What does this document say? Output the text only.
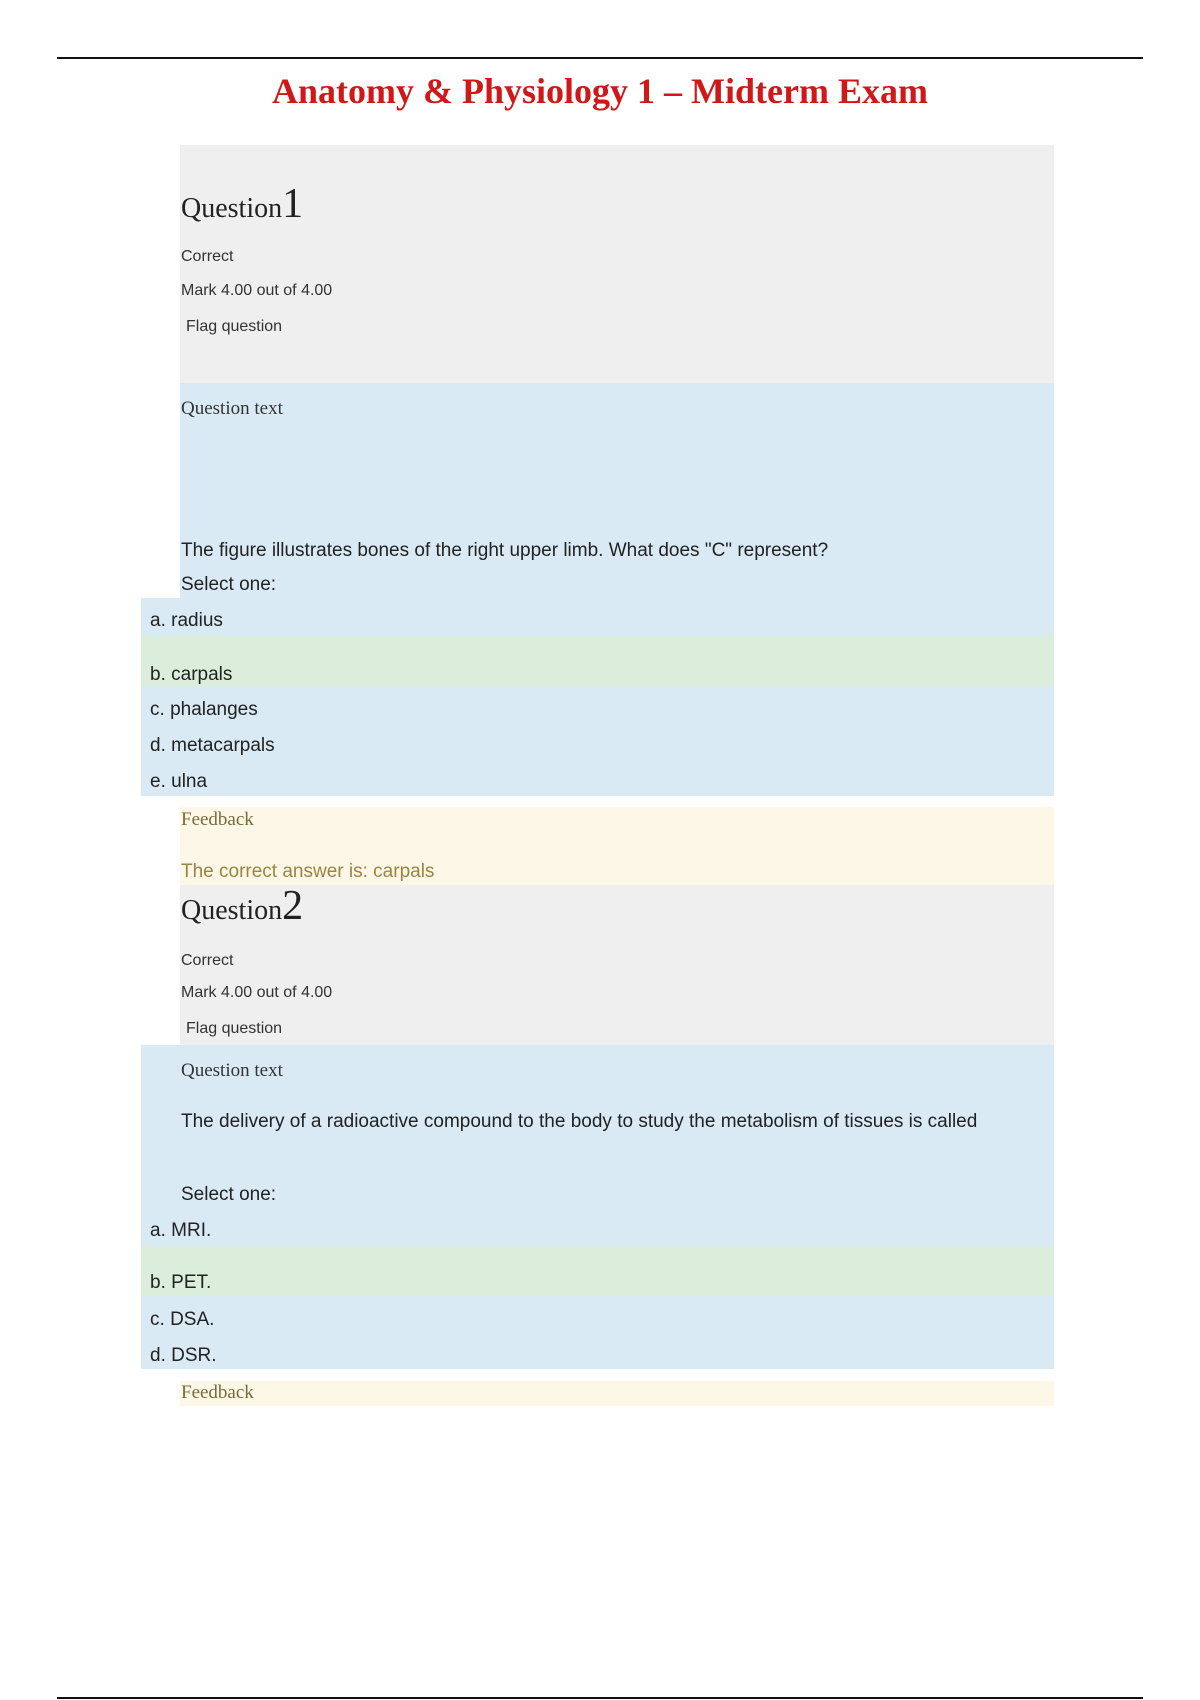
Anatomy & Physiology 1 – Midterm Exam
Question1
Correct
Mark 4.00 out of 4.00
Flag question
Question text
The figure illustrates bones of the right upper limb. What does "C" represent?
Select one:
a. radius
b. carpals
c. phalanges
d. metacarpals
e. ulna
Feedback
The correct answer is: carpals
Question2
Correct
Mark 4.00 out of 4.00
Flag question
Question text
The delivery of a radioactive compound to the body to study the metabolism of tissues is called
Select one:
a. MRI.
b. PET.
c. DSA.
d. DSR.
Feedback
